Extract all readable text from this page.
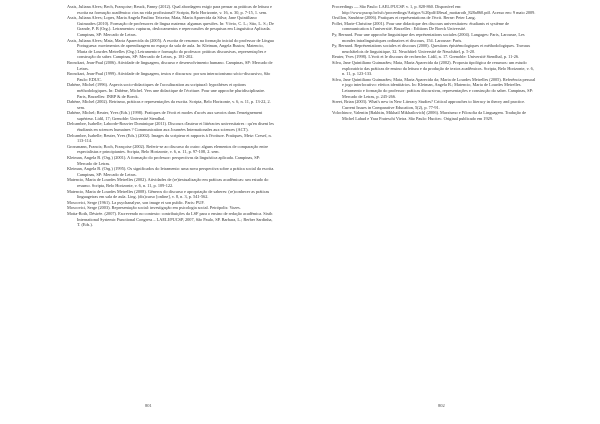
Assis, Juliana Alves; Bech, Françoise; Reuck, Fanny (2012). Qual abordagem exigir para pensar as práticas de leitura e escrita na formação acadêmica: rios na vida profissional? Scripta, Belo Horizonte, v. 16, n. 30, p. 7-15, 1. sem.

Assis, Juliana Alves; Lopes, Maria Angela Paulino Teixeira; Mata, Maria Aparecida da Silva; Jane Quintiliano Guimarães (2010). Formação de professores de língua materna: algumas questões. In: Vóvio, C. L.; Sito, L. S.; De Grande, P. B (Org.). Letramentos: rupturas, deslocamentos e repercussões de pesquisas em Linguística Aplicada. Campinas, SP: Mercado de Letras.

Assis, Juliana Alves; Mata, Maria Aparecida da (2005). A escrita de resumos na formação inicial do professor de Língua Portuguesa: movimentos de aprendizagem no espaço da sala de aula. In: Kleiman, Angela Bustos; Matencio, Maria de Lourdes Meirelles (Org.) Letramento e formação do professor: práticas discursivas, representações e construção do saber. Campinas, SP: Mercado de Letras, p. 181-202.

Bronckart, Jean-Paul (2006). Atividade de linguagem, discurso e desenvolvimento humano. Campinas, SP: Mercado de Letras.

Bronckart, Jean-Paul (1999). Atividade de linguagem, textos e discursos: por um interacionismo sócio-discursivo, São Paulo: EDUC.

Dabène, Michel (1996). Aspects socio-didactiques de l'acculturation au scriptural: hypothèses et options méthodologiques. In: Dabène, Michel. Vers une didactique de l'écriture. Pour une approche pluridisciplinaire. Paris, Bruxelles: INRP & de Boeck.

Dabène, Michel (2002). Retrismo, práticas e representações da escrita. Scripta, Belo Horizonte, v. 6, n. 11, p. 13-22, 2. sem.

Dabène, Michel; Reuter, Yves (Eds.) (1998). Pratiques de l'écrit et modes d'accès aux savoirs dans l'enseignement supérieur. Lidil, 17; Grenoble: Université Stendhal.

Delcambre, Isabelle; Laborde-Rouvier Dominique (2011). Discours d'auteur et littéracies universitaires : qu'en disent les étudiants en sciences humaines ? Communication aux Journées Internationales aux sciences (ACT).

Delcambre, Isabelle; Reuter, Yves (Eds.) (2002). Images du scripteur et rapports à l'écriture. Pratiques, Metz: Cresef, n. 113-114.

Grossmann, Francis; Boch, Françoise (2002). Referir-se ao discurso do outro: alguns elementos de comparação entre especialistas e principiantes. Scripta, Belo Horizonte, v. 6, n. 11, p. 97-108, 2. sem.

Kleiman, Angela B. (Org.) (2001). A formação do professor: perspectivas da linguística aplicada. Campinas, SP: Mercado de Letras.

Kleiman, Angela B. (Org.) (1995). Os significados do letramento: uma nova perspectiva sobre a prática social da escrita. Campinas, SP: Mercado de Letras.

Matencio, Maria de Lourdes Meirelles (2002). Atividades de (re)textualização em práticas acadêmicas: um estudo do resumo. Scripta, Belo Horizonte, v. 6, n. 11, p. 109-122.

Matencio, Maria de Lourdes Meirelles (2008). Gêneros do discurso e apropriação de saberes: (re)conhecer as práticas linguageiras em sala de aula. Ling. (dis)curso [online], v. 8, n. 3, p. 541-562.

Moscovici, Serge (1961). La psychanalyse, son image et son public. Paris: PUF.

Moscovici, Serge (2003). Representação social: investigação em psicologia social. Petrópolis: Vozes.

Motta-Roth, Désirée. (2007). Escrevendo no contexto: contribuições da LSF para o ensino de redação acadêmica. Sixth International Systemic Functional Congress – LAELI/PUCSP, 2007, São Paulo, SP. Barbara, L.; Berber Sardinha, T. (Eds.).

801

Proceedings — São Paulo: LAEL/PUCSP. v. 1, p. 828-860. Disponível em: http://www.pucsp.br/isfc/proceedings/Artigos %20pdf/48esal_mottaroth_828a860.pdf. Acesso em: 9 maio 2009.

Orsillon, Sandrine (2006). Pratiques et représentations de l'écrit. Berne: Peter Lang.

Pollet, Marie-Christine (2001). Pour une didactique des discours universitaires: étudiants et système de communication à l'université. Bruxelles : Editions De Boeck Université.

Py, Bernard. Pour une approche linguistique des représentations sociales (2004). Langages: Paris, Larousse, Les mondes intralinguistiques ordinaires et discours, 154. Larousse: Paris.

Py, Bernard. Représentations sociales et discours (2000). Questions épistémologiques et méthodologiques. Travaux neuchâtelois de linguistique, 32. Neuchâtel: Université de Neuchâtel, p. 5-20.

Reuter, Yves (1998). L'écrit et le discours de recherche. Lidil, n. 17. Grenoble: Université Stendhal, p. 11-26.

Silva, Jane Quintiliano Guimarães; Mata, Maria Aparecida da (2002). Proposta tipológica de resumos: um estudo exploratório das práticas de ensino da leitura e da produção de textos acadêmicos. Scripta, Belo Horizonte, v. 6, n. 11, p. 123-133.

Silva, Jane Quintiliano Guimarães; Mata, Maria Aparecida da; Maria de Lourdes Meirelles (2005). Referência pessoal e jogo interlocutivo: efeitos identitários. In: Kleiman, Angela B.; Matencio, Maria de Lourdes Meirelles. Letramento e formação do professor: práticas discursivas, representações e construção do saber. Campinas, SP: Mercado de Letras, p. 245-266.

Street, Brian (2003). What's new in New Literacy Studies? Critical approaches to literacy in theory and practice. Current Issues in Comparative Education, 5(2), p. 77-91.

Volochinov, Valentin [Bakhtin, Mikhail Mikhailovich] (2006). Marxismo e Filosofia da Linguagem. Tradução de Michel Lahud e Yara Frateschi Vieira. São Paulo: Hucitec. Original publicado em 1929.

802
